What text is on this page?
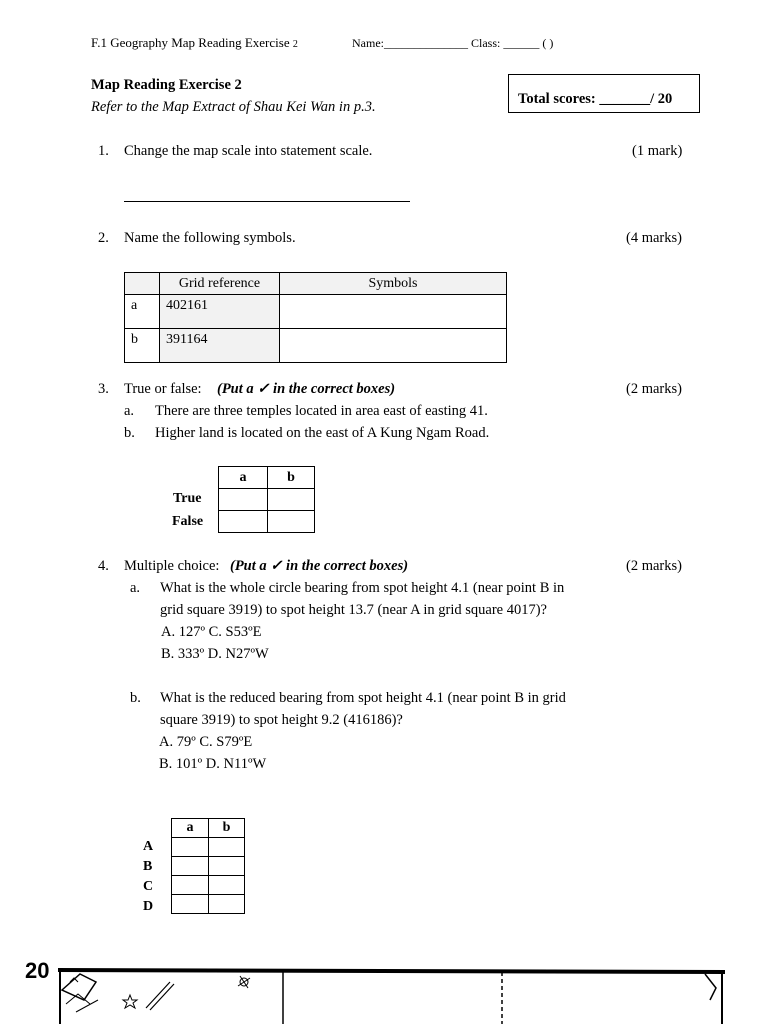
F.1 Geography Map Reading Exercise 2	Name:______________ Class: ______ ( )
Map Reading Exercise 2
Refer to the Map Extract of Shau Kei Wan in p.3.	Total scores: _______/ 20
1. Change the map scale into statement scale.	(1 mark)
2. Name the following symbols.	(4 marks)
	Grid reference	Symbols
a	402161	
b	391164	
3. True or false: (Put a ✓ in the correct boxes)	(2 marks)
a. There are three temples located in area east of easting 41.
b. Higher land is located on the east of A Kung Ngam Road.
a	b

True
False
4. Multiple choice: (Put a ✓ in the correct boxes)	(2 marks)
a. What is the whole circle bearing from spot height 4.1 (near point B in
grid square 3919) to spot height 13.7 (near A in grid square 4017)?
A. 127º C. S53ºE
B. 333º D. N27ºW
b. What is the reduced bearing from spot height 4.1 (near point B in grid
square 3919) to spot height 9.2 (416186)?
A. 79º C. S79ºE
B. 101º D. N11ºW
a	b

A
B
C
D
20
